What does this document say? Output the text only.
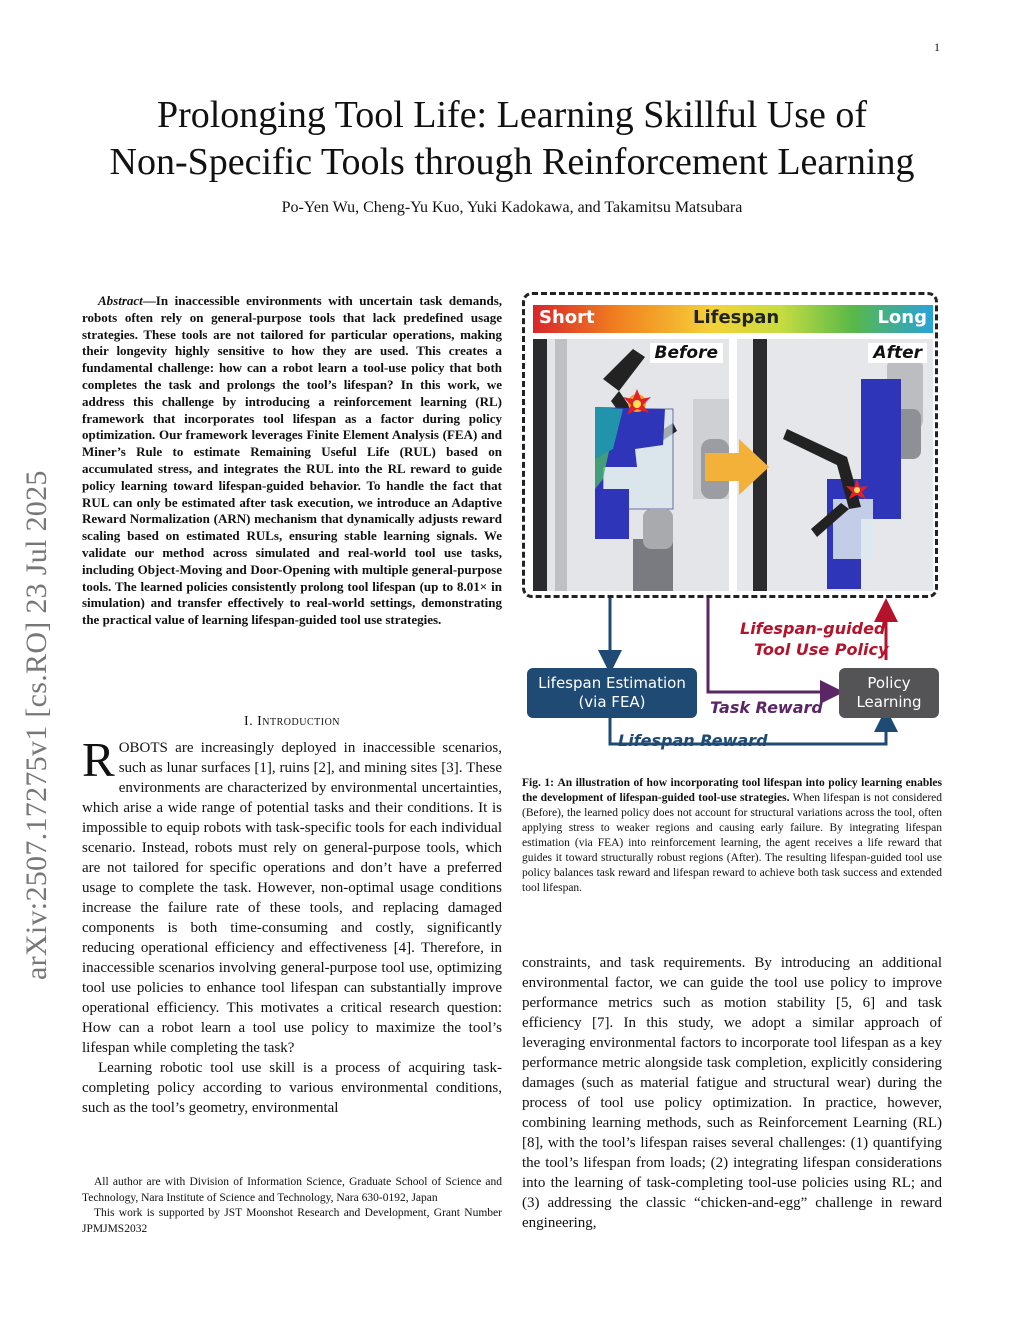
1
arXiv:2507.17275v1 [cs.RO] 23 Jul 2025
Prolonging Tool Life: Learning Skillful Use of
Non-Specific Tools through Reinforcement Learning
Po-Yen Wu, Cheng-Yu Kuo, Yuki Kadokawa, and Takamitsu Matsubara
Abstract—In inaccessible environments with uncertain task demands, robots often rely on general-purpose tools that lack predefined usage strategies. These tools are not tailored for particular operations, making their longevity highly sensitive to how they are used. This creates a fundamental challenge: how can a robot learn a tool-use policy that both completes the task and prolongs the tool’s lifespan? In this work, we address this challenge by introducing a reinforcement learning (RL) framework that incorporates tool lifespan as a factor during policy optimization. Our framework leverages Finite Element Analysis (FEA) and Miner’s Rule to estimate Remaining Useful Life (RUL) based on accumulated stress, and integrates the RUL into the RL reward to guide policy learning toward lifespan-guided behavior. To handle the fact that RUL can only be estimated after task execution, we introduce an Adaptive Reward Normalization (ARN) mechanism that dynamically adjusts reward scaling based on estimated RULs, ensuring stable learning signals. We validate our method across simulated and real-world tool use tasks, including Object-Moving and Door-Opening with multiple general-purpose tools. The learned policies consistently prolong tool lifespan (up to 8.01× in simulation) and transfer effectively to real-world settings, demonstrating the practical value of learning lifespan-guided tool use strategies.
I. Introduction

ROBOTS are increasingly deployed in inaccessible scenarios, such as lunar surfaces [1], ruins [2], and mining sites [3]. These environments are characterized by environmental uncertainties, which arise a wide range of potential tasks and their conditions. It is impossible to equip robots with task-specific tools for each individual scenario. Instead, robots must rely on general-purpose tools, which are not tailored for specific operations and don’t have a preferred usage to complete the task. However, non-optimal usage conditions increase the failure rate of these tools, and replacing damaged components is both time-consuming and costly, significantly reducing operational efficiency and effectiveness [4]. Therefore, in inaccessible scenarios involving general-purpose tool use, optimizing tool use policies to enhance tool lifespan can substantially improve operational efficiency. This motivates a critical research question: How can a robot learn a tool use policy to maximize the tool’s lifespan while completing the task?

Learning robotic tool use skill is a process of acquiring task-completing policy according to various environmental conditions, such as the tool’s geometry, environmental

All author are with Division of Information Science, Graduate School of Science and Technology, Nara Institute of Science and Technology, Nara 630-0192, Japan

This work is supported by JST Moonshot Research and Development, Grant Number JPMJMS2032

Short	Lifespan	Long
Before	After
Lifespan-guided
Tool Use Policy
Lifespan Estimation
(via FEA)
Policy
Learning
Task Reward
Lifespan Reward
Fig. 1: An illustration of how incorporating tool lifespan into policy learning enables the development of lifespan-guided tool-use strategies. When lifespan is not considered (Before), the learned policy does not account for structural variations across the tool, often applying stress to weaker regions and causing early failure. By integrating lifespan estimation (via FEA) into reinforcement learning, the agent receives a life reward that guides it toward structurally robust regions (After). The resulting lifespan-guided tool use policy balances task reward and lifespan reward to achieve both task success and extended tool lifespan.
constraints, and task requirements. By introducing an additional environmental factor, we can guide the tool use policy to improve performance metrics such as motion stability [5, 6] and task efficiency [7]. In this study, we adopt a similar approach of leveraging environmental factors to incorporate tool lifespan as a key performance metric alongside task completion, explicitly considering damages (such as material fatigue and structural wear) during the process of tool use policy optimization. In practice, however, combining learning methods, such as Reinforcement Learning (RL) [8], with the tool’s lifespan raises several challenges: (1) quantifying the tool’s lifespan from loads; (2) integrating lifespan considerations into the learning of task-completing tool-use policies using RL; and (3) addressing the classic “chicken-and-egg” challenge in reward engineering,
